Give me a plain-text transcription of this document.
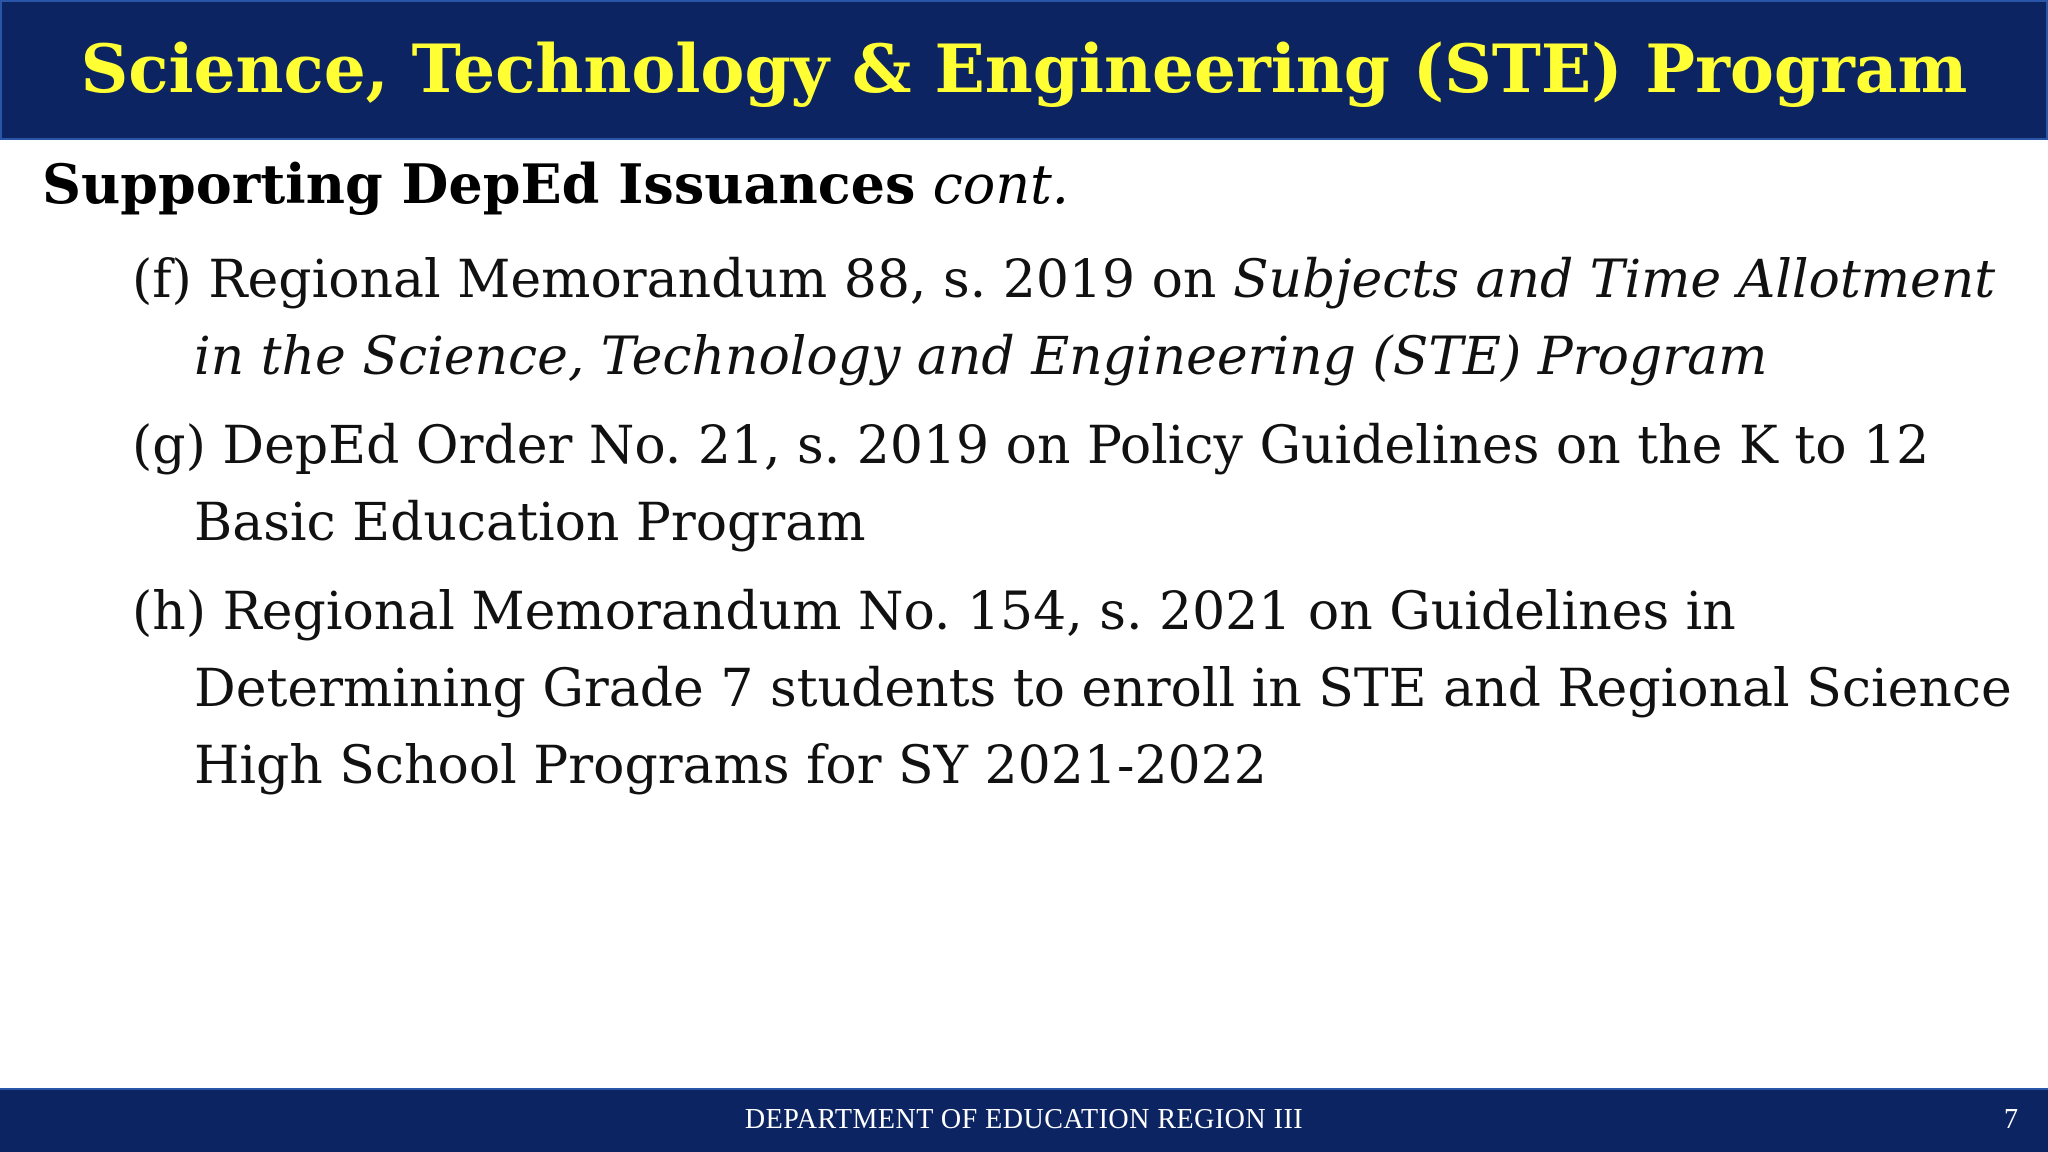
Science, Technology & Engineering (STE) Program
Supporting DepEd Issuances cont.

(f) Regional Memorandum 88, s. 2019 on Subjects and Time Allotment in the Science, Technology and Engineering (STE) Program

(g) DepEd Order No. 21, s. 2019 on Policy Guidelines on the K to 12 Basic Education Program

(h) Regional Memorandum No. 154, s. 2021 on Guidelines in Determining Grade 7 students to enroll in STE and Regional Science High School Programs for SY 2021-2022

DEPARTMENT OF EDUCATION REGION III	7
